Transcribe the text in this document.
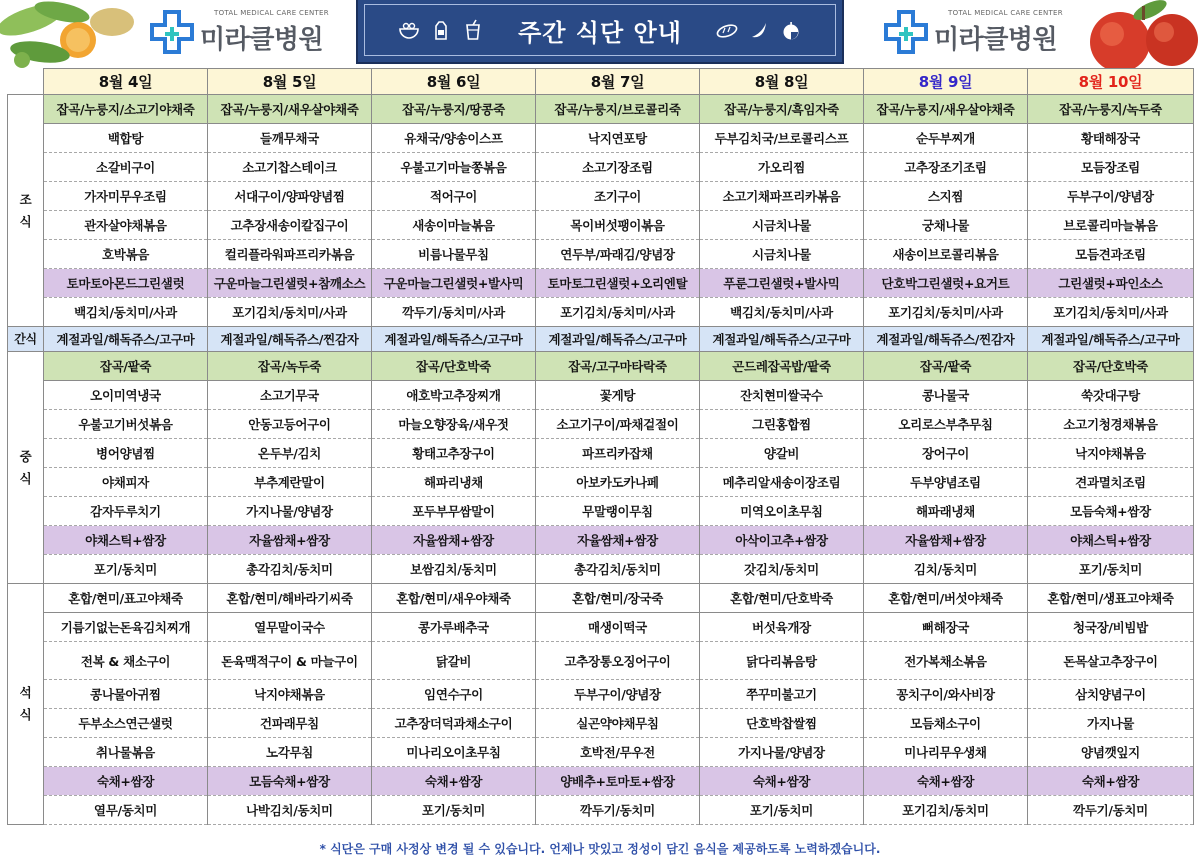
TOTAL MEDICAL CARE CENTER
미라클병원	주간 식단 안내
TOTAL MEDICAL CARE CENTER
미라클병원
	8월 4일	8월 5일	8월 6일	8월 7일	8월 8일	8월 9일	8월 10일
조
식	잡곡/누룽지/소고기야채죽	잡곡/누룽지/새우살야채죽	잡곡/누룽지/땅콩죽	잡곡/누룽지/브로콜리죽	잡곡/누룽지/흑임자죽	잡곡/누룽지/새우살야채죽	잡곡/누룽지/녹두죽
	백합탕	들깨무채국	유채국/양송이스프	낙지연포탕	두부김치국/브로콜리스프	순두부찌개	황태해장국
	소갈비구이	소고기찹스테이크	우불고기마늘쫑볶음	소고기장조림	가오리찜	고추장조기조림	모듬장조림
	가자미무우조림	서대구이/양파양념찜	적어구이	조기구이	소고기채파프리카볶음	스지찜	두부구이/양념장
	관자살야채볶음	고추장새송이칼집구이	새송이마늘볶음	목이버섯팽이볶음	시금치나물	궁채나물	브로콜리마늘볶음
	호박볶음	컬리플라워파프리카볶음	비름나물무침	연두부/파래김/양념장	시금치나물	새송이브로콜리볶음	모듬견과조림
	토마토아몬드그린샐럿	구운마늘그린샐럿+참깨소스	구운마늘그린샐럿+발사믹	토마토그린샐럿+오리엔탈	푸룬그린샐럿+발사믹	단호박그린샐럿+요거트	그린샐럿+파인소스
	백김치/동치미/사과	포기김치/동치미/사과	깍두기/동치미/사과	포기김치/동치미/사과	백김치/동치미/사과	포기김치/동치미/사과	포기김치/동치미/사과
간식	계절과일/해독쥬스/고구마	계절과일/해독쥬스/찐감자	계절과일/해독쥬스/고구마	계절과일/해독쥬스/고구마	계절과일/해독쥬스/고구마	계절과일/해독쥬스/찐감자	계절과일/해독쥬스/고구마
중
식	잡곡/팥죽	잡곡/녹두죽	잡곡/단호박죽	잡곡/고구마타락죽	곤드레잡곡밥/팥죽	잡곡/팥죽	잡곡/단호박죽
	오이미역냉국	소고기무국	애호박고추장찌개	꽃게탕	잔치현미쌀국수	콩나물국	쑥갓대구탕
	우불고기버섯볶음	안동고등어구이	마늘오향장육/새우젓	소고기구이/파채겉절이	그린홍합찜	오리로스부추무침	소고기청경채볶음
	병어양념찜	온두부/김치	황태고추장구이	파프리카잡채	양갈비	장어구이	낙지야채볶음
	야채피자	부추계란말이	해파리냉채	아보카도카나페	메추리알새송이장조림	두부양념조림	견과멸치조림
	감자두루치기	가지나물/양념장	포두부무쌈말이	무말랭이무침	미역오이초무침	해파래냉채	모듬숙채+쌈장
	야채스틱+쌈장	자율쌈채+쌈장	자율쌈채+쌈장	자율쌈채+쌈장	아삭이고추+쌈장	자율쌈채+쌈장	야채스틱+쌈장
	포기/동치미	총각김치/동치미	보쌈김치/동치미	총각김치/동치미	갓김치/동치미	김치/동치미	포기/동치미
석
식	혼합/현미/표고야채죽	혼합/현미/해바라기씨죽	혼합/현미/새우야채죽	혼합/현미/장국죽	혼합/현미/단호박죽	혼합/현미/버섯야채죽	혼합/현미/생표고야채죽
	기름기없는돈육김치찌개	열무말이국수	콩가루배추국	매생이떡국	버섯육개장	뻐해장국	청국장/비빔밥
	전복 & 채소구이	돈육맥적구이 & 마늘구이	닭갈비	고추장통오징어구이	닭다리볶음탕	전가복채소볶음	돈목살고추장구이
	콩나물아귀찜	낙지야채볶음	임연수구이	두부구이/양념장	쭈꾸미불고기	꽁치구이/와사비장	삼치양념구이
	두부소스연근샐럿	건파래무침	고추장더덕과채소구이	실곤약야채무침	단호박찹쌀찜	모듬채소구이	가지나물
	취나물볶음	노각무침	미나리오이초무침	호박전/무우전	가지나물/양념장	미나리무우생채	양념깻잎지
	숙채+쌈장	모듬숙채+쌈장	숙채+쌈장	양배추+토마토+쌈장	숙채+쌈장	숙채+쌈장	숙채+쌈장
	열무/동치미	나박김치/동치미	포기/동치미	깍두기/동치미	포기/동치미	포기김치/동치미	깍두기/동치미
* 식단은 구매 사정상 변경 될 수 있습니다. 언제나 맛있고 정성이 담긴 음식을 제공하도록 노력하겠습니다.
